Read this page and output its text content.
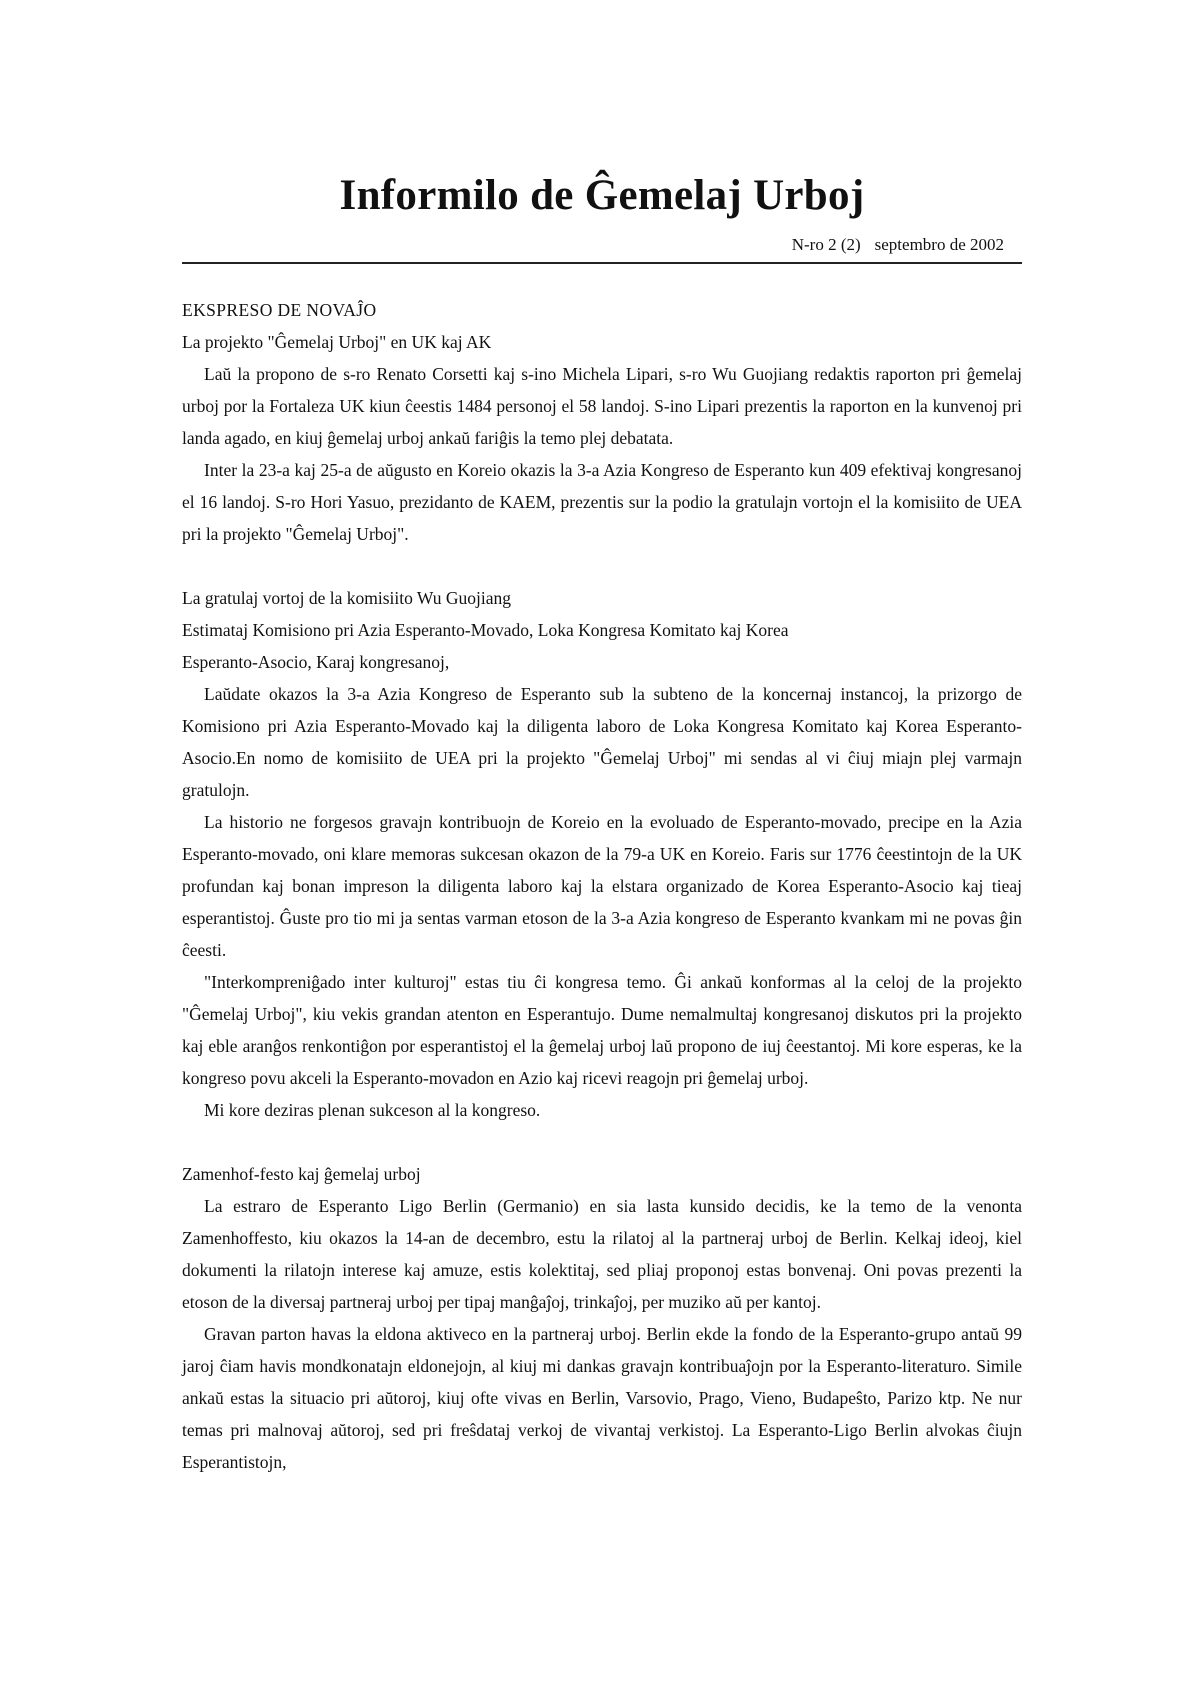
Informilo de Ĝemelaj Urboj
N-ro 2 (2) septembro de 2002
EKSPRESO DE NOVAĴO
La projekto "Ĝemelaj Urboj" en UK kaj AK

Laŭ la propono de s-ro Renato Corsetti kaj s-ino Michela Lipari, s-ro Wu Guojiang redaktis raporton pri ĝemelaj urboj por la Fortaleza UK kiun ĉeestis 1484 personoj el 58 landoj. S-ino Lipari prezentis la raporton en la kunvenoj pri landa agado, en kiuj ĝemelaj urboj ankaŭ fariĝis la temo plej debatata.

Inter la 23-a kaj 25-a de aŭgusto en Koreio okazis la 3-a Azia Kongreso de Esperanto kun 409 efektivaj kongresanoj el 16 landoj. S-ro Hori Yasuo, prezidanto de KAEM, prezentis sur la podio la gratulajn vortojn el la komisiito de UEA pri la projekto "Ĝemelaj Urboj".

La gratulaj vortoj de la komisiito Wu Guojiang
Estimataj Komisiono pri Azia Esperanto-Movado, Loka Kongresa Komitato kaj Korea
Esperanto-Asocio, Karaj kongresanoj,

Laŭdate okazos la 3-a Azia Kongreso de Esperanto sub la subteno de la koncernaj instancoj, la prizorgo de Komisiono pri Azia Esperanto-Movado kaj la diligenta laboro de Loka Kongresa Komitato kaj Korea Esperanto-Asocio.En nomo de komisiito de UEA pri la projekto "Ĝemelaj Urboj" mi sendas al vi ĉiuj miajn plej varmajn gratulojn.

La historio ne forgesos gravajn kontribuojn de Koreio en la evoluado de Esperanto-movado, precipe en la Azia Esperanto-movado, oni klare memoras sukcesan okazon de la 79-a UK en Koreio. Faris sur 1776 ĉeestintojn de la UK profundan kaj bonan impreson la diligenta laboro kaj la elstara organizado de Korea Esperanto-Asocio kaj tieaj esperantistoj. Ĝuste pro tio mi ja sentas varman etoson de la 3-a Azia kongreso de Esperanto kvankam mi ne povas ĝin ĉeesti.

"Interkompreniĝado inter kulturoj" estas tiu ĉi kongresa temo. Ĝi ankaŭ konformas al la celoj de la projekto "Ĝemelaj Urboj", kiu vekis grandan atenton en Esperantujo. Dume nemalmultaj kongresanoj diskutos pri la projekto kaj eble aranĝos renkontiĝon por esperantistoj el la ĝemelaj urboj laŭ propono de iuj ĉeestantoj. Mi kore esperas, ke la kongreso povu akceli la Esperanto-movadon en Azio kaj ricevi reagojn pri ĝemelaj urboj.

Mi kore deziras plenan sukceson al la kongreso.

Zamenhof-festo kaj ĝemelaj urboj

La estraro de Esperanto Ligo Berlin (Germanio) en sia lasta kunsido decidis, ke la temo de la venonta Zamenhoffesto, kiu okazos la 14-an de decembro, estu la rilatoj al la partneraj urboj de Berlin. Kelkaj ideoj, kiel dokumenti la rilatojn interese kaj amuze, estis kolektitaj, sed pliaj proponoj estas bonvenaj. Oni povas prezenti la etoson de la diversaj partneraj urboj per tipaj manĝaĵoj, trinkaĵoj, per muziko aŭ per kantoj.

Gravan parton havas la eldona aktiveco en la partneraj urboj. Berlin ekde la fondo de la Esperanto-grupo antaŭ 99 jaroj ĉiam havis mondkonatajn eldonejojn, al kiuj mi dankas gravajn kontribuaĵojn por la Esperanto-literaturo. Simile ankaŭ estas la situacio pri aŭtoroj, kiuj ofte vivas en Berlin, Varsovio, Prago, Vieno, Budapeŝto, Parizo ktp. Ne nur temas pri malnovaj aŭtoroj, sed pri freŝdataj verkoj de vivantaj verkistoj. La Esperanto-Ligo Berlin alvokas ĉiujn Esperantistojn,
